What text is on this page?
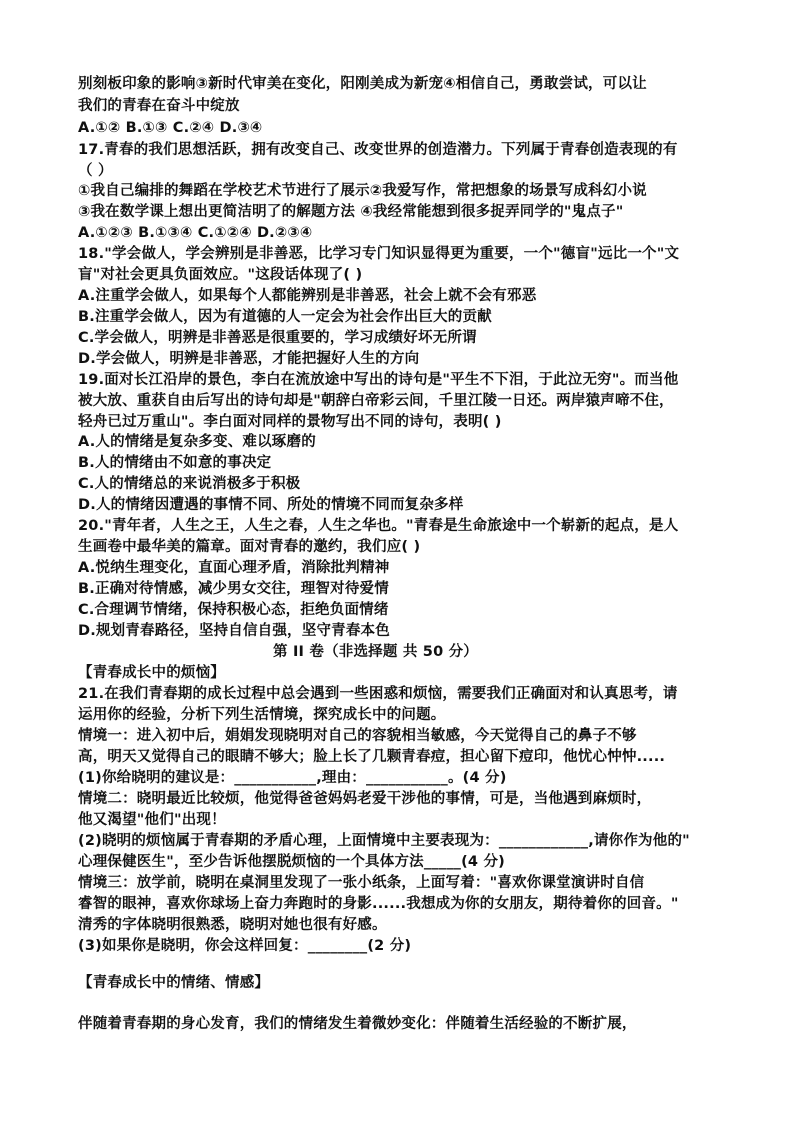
别刻板印象的影响③新时代审美在变化，阳刚美成为新宠④相信自己，勇敢尝试，可以让
我们的青春在奋斗中绽放
A.①② B.①③ C.②④ D.③④
17.青春的我们思想活跃，拥有改变自己、改变世界的创造潜力。下列属于青春创造表现的有
（ ）
①我自己编排的舞蹈在学校艺术节进行了展示②我爱写作，常把想象的场景写成科幻小说
③我在数学课上想出更简洁明了的解题方法 ④我经常能想到很多捉弄同学的"鬼点子"
A.①②③ B.①③④ C.①②④ D.②③④
18."学会做人，学会辨别是非善恶，比学习专门知识显得更为重要，一个"德盲"远比一个"文
盲"对社会更具负面效应。"这段话体现了( )
A.注重学会做人，如果每个人都能辨别是非善恶，社会上就不会有邪恶
B.注重学会做人，因为有道德的人一定会为社会作出巨大的贡献
C.学会做人，明辨是非善恶是很重要的，学习成绩好坏无所谓
D.学会做人，明辨是非善恶，才能把握好人生的方向
19.面对长江沿岸的景色，李白在流放途中写出的诗句是"平生不下泪，于此泣无穷"。而当他
被大放、重获自由后写出的诗句却是"朝辞白帝彩云间，千里江陵一日还。两岸猿声啼不住，
轻舟已过万重山"。李白面对同样的景物写出不同的诗句，表明( )
A.人的情绪是复杂多变、难以琢磨的
B.人的情绪由不如意的事决定
C.人的情绪总的来说消极多于积极
D.人的情绪因遭遇的事情不同、所处的情境不同而复杂多样
20."青年者，人生之王，人生之春，人生之华也。"青春是生命旅途中一个崭新的起点，是人
生画卷中最华美的篇章。面对青春的邀约，我们应( )
A.悦纳生理变化，直面心理矛盾，消除批判精神
B.正确对待情感，减少男女交往，理智对待爱情
C.合理调节情绪，保持积极心态，拒绝负面情绪
D.规划青春路径，坚持自信自强，坚守青春本色
第 II 卷（非选择题 共 50 分）
【青春成长中的烦恼】
21.在我们青春期的成长过程中总会遇到一些困惑和烦恼，需要我们正确面对和认真思考，请
运用你的经验，分析下列生活情境，探究成长中的问题。
情境一：进入初中后，娟娟发现晓明对自己的容貌相当敏感，今天觉得自己的鼻子不够
高，明天又觉得自己的眼睛不够大；脸上长了几颗青春痘，担心留下痘印，他忧心忡忡.....
(1)你给晓明的建议是：___________,理由：___________。(4 分)
情境二：晓明最近比较烦，他觉得爸爸妈妈老爱干涉他的事情，可是，当他遇到麻烦时，
他又渴望"他们"出现！
(2)晓明的烦恼属于青春期的矛盾心理，上面情境中主要表现为：____________,请你作为他的"
心理保健医生"，至少告诉他摆脱烦恼的一个具体方法_____(4 分)
情境三：放学前，晓明在桌洞里发现了一张小纸条，上面写着："喜欢你课堂演讲时自信
睿智的眼神，喜欢你球场上奋力奔跑时的身影......我想成为你的女朋友，期待着你的回音。"
清秀的字体晓明很熟悉，晓明对她也很有好感。
(3)如果你是晓明，你会这样回复：________(2 分)
【青春成长中的情绪、情感】
伴随着青春期的身心发育，我们的情绪发生着微妙变化：伴随着生活经验的不断扩展，
